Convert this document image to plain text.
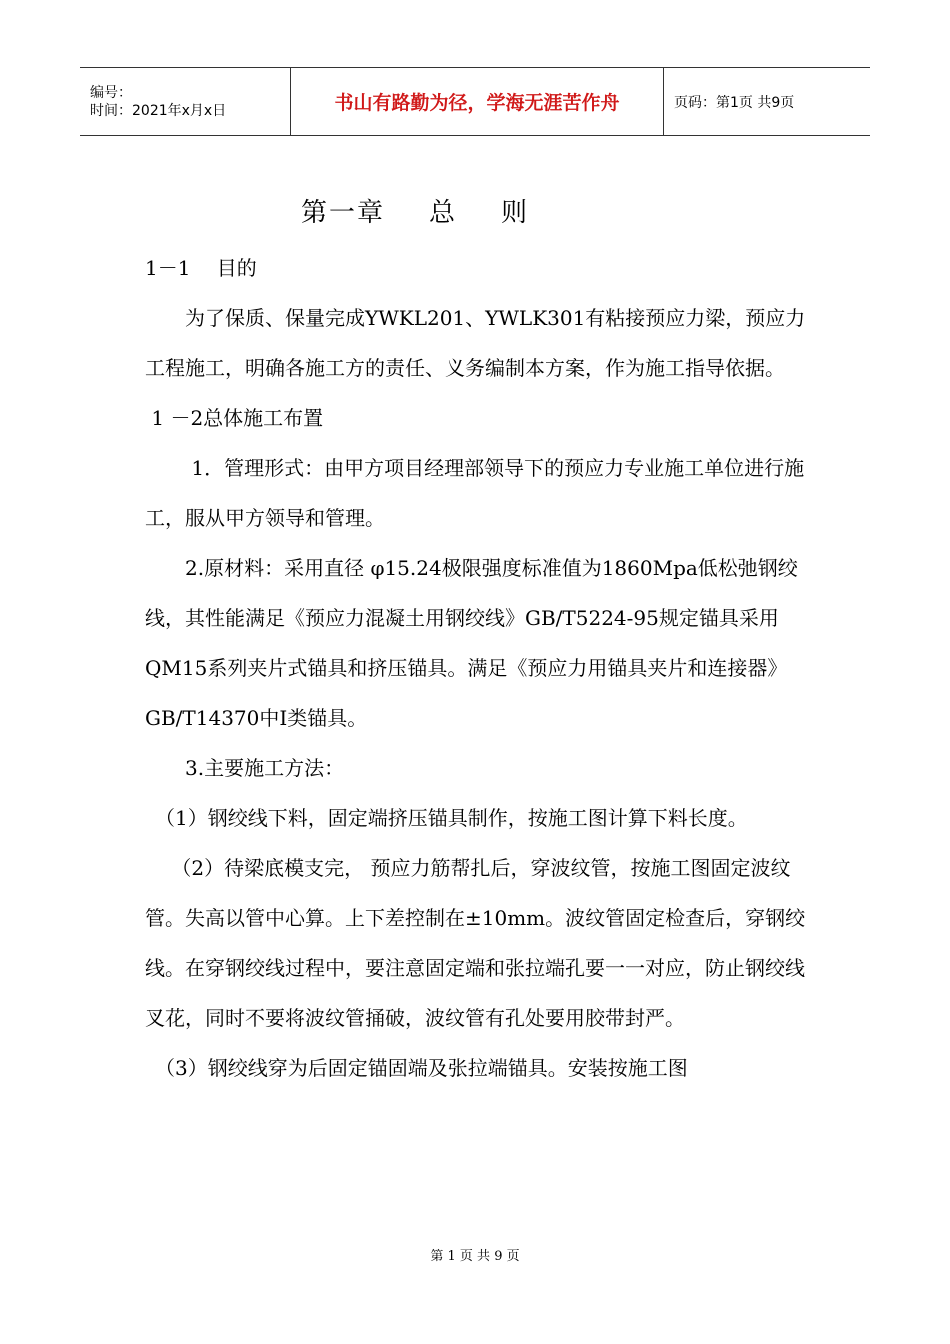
编号：
时间：2021年x月x日	书山有路勤为径，学海无涯苦作舟	页码：第1页 共9页
第一章 总 则

1－1　 目的

　　为了保质、保量完成YWKL201、YWLK301有粘接预应力梁，预应力工程施工，明确各施工方的责任、义务编制本方案，作为施工指导依据。

1 －2总体施工布置

　　 1．管理形式：由甲方项目经理部领导下的预应力专业施工单位进行施工，服从甲方领导和管理。

　　2.原材料：采用直径 φ15.24极限强度标准值为1860Mpa低松弛钢绞线，其性能满足《预应力混凝土用钢绞线》GB/T5224-95规定锚具采用QM15系列夹片式锚具和挤压锚具。满足《预应力用锚具夹片和连接器》GB/T14370中Ⅰ类锚具。

　　3.主要施工方法：

　（1）钢绞线下料，固定端挤压锚具制作，按施工图计算下料长度。

　 （2）待梁底模支完， 预应力筋帮扎后，穿波纹管，按施工图固定波纹管。失高以管中心算。上下差控制在±10mm。波纹管固定检查后，穿钢绞线。在穿钢绞线过程中，要注意固定端和张拉端孔要一一对应，防止钢绞线叉花，同时不要将波纹管捅破，波纹管有孔处要用胶带封严。

　（3）钢绞线穿为后固定锚固端及张拉端锚具。安装按施工图

第 1 页 共 9 页
